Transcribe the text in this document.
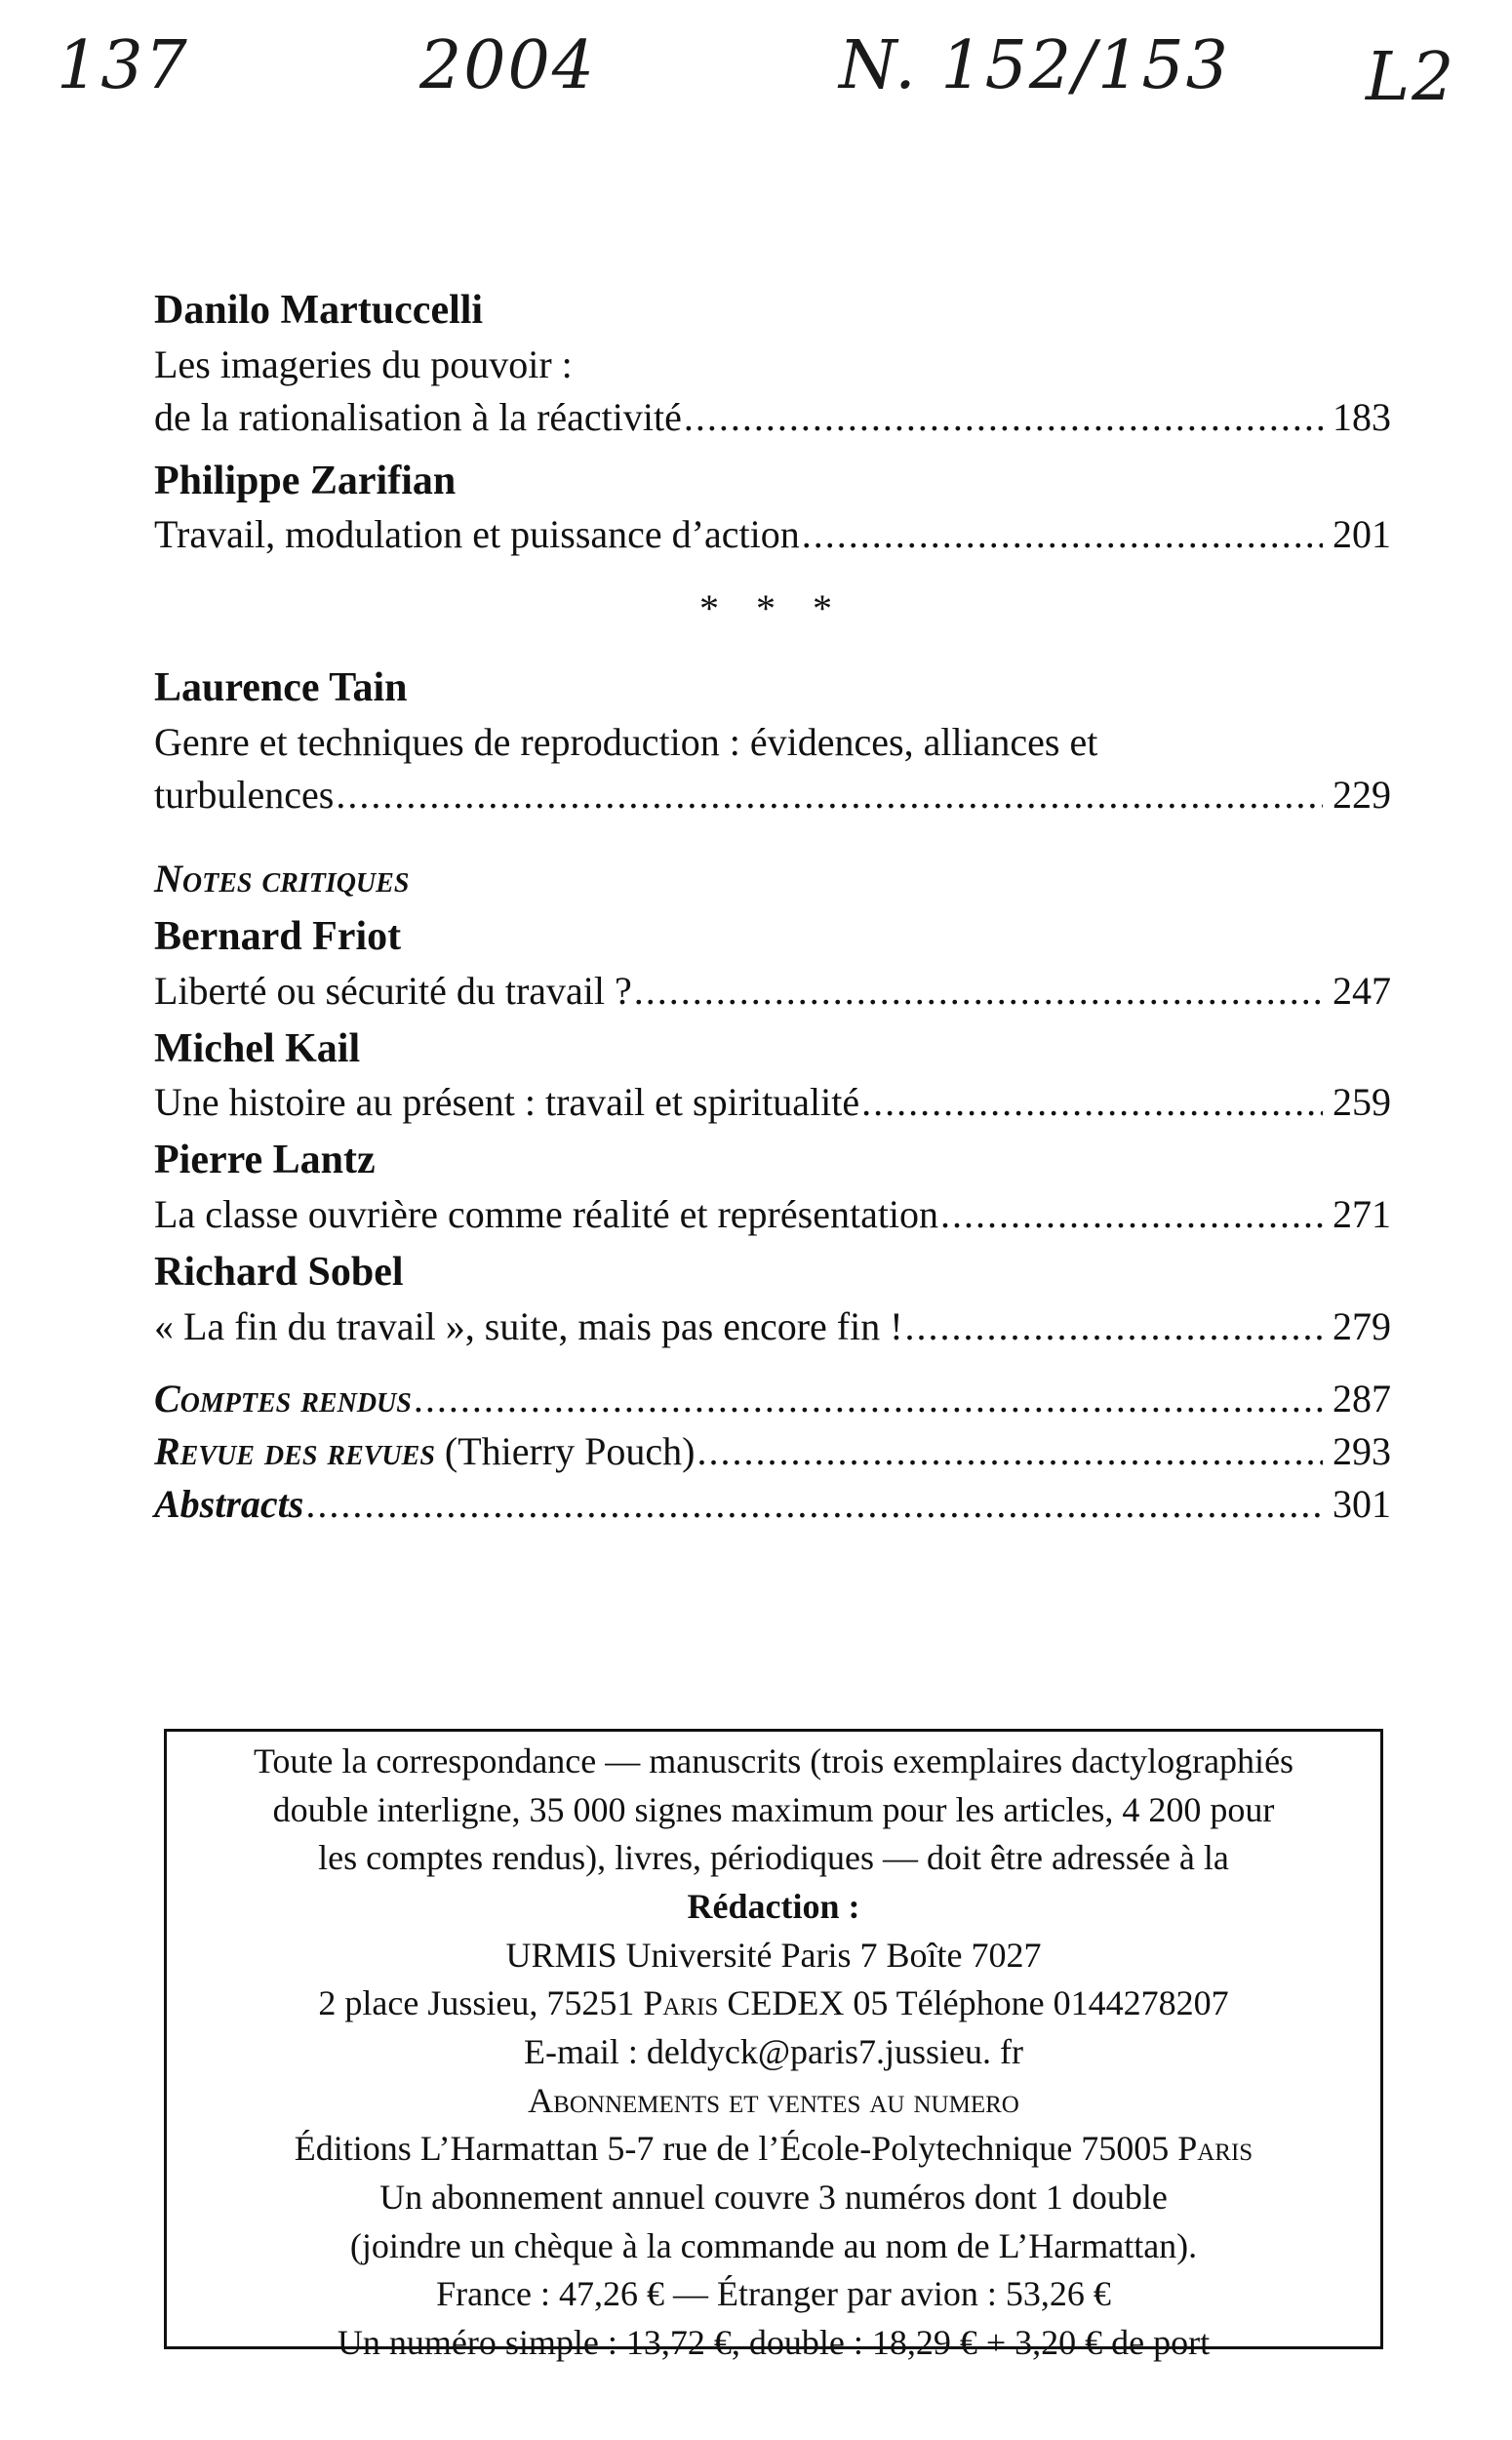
137	2004	N. 152/153 L2
Danilo Martuccelli
Les imageries du pouvoir :
de la rationalisation à la réactivité .....	183
Philippe Zarifian
Travail, modulation et puissance d’action .....	201
* * *
Laurence Tain
Genre et techniques de reproduction : évidences, alliances et
turbulences .....	229
Notes critiques
Bernard Friot
Liberté ou sécurité du travail ? .....	247
Michel Kail
Une histoire au présent : travail et spiritualité .....	259
Pierre Lantz
La classe ouvrière comme réalité et représentation .....	271
Richard Sobel
« La fin du travail », suite, mais pas encore fin ! .....	279
Comptes rendus .....	287
Revue des revues (Thierry Pouch) .....	293
Abstracts .....	301
Toute la correspondance — manuscrits (trois exemplaires dactylographiés
double interligne, 35 000 signes maximum pour les articles, 4 200 pour
les comptes rendus), livres, périodiques — doit être adressée à la
Rédaction :
URMIS Université Paris 7 Boîte 7027
2 place Jussieu, 75251 Paris CEDEX 05 Téléphone 0144278207
E-mail : deldyck@paris7.jussieu. fr
Abonnements et ventes au numero
Éditions L’Harmattan 5-7 rue de l’École-Polytechnique 75005 Paris
Un abonnement annuel couvre 3 numéros dont 1 double
(joindre un chèque à la commande au nom de L’Harmattan).
France : 47,26 € — Étranger par avion : 53,26 €
Un numéro simple : 13,72 €, double : 18,29 € + 3,20 € de port
